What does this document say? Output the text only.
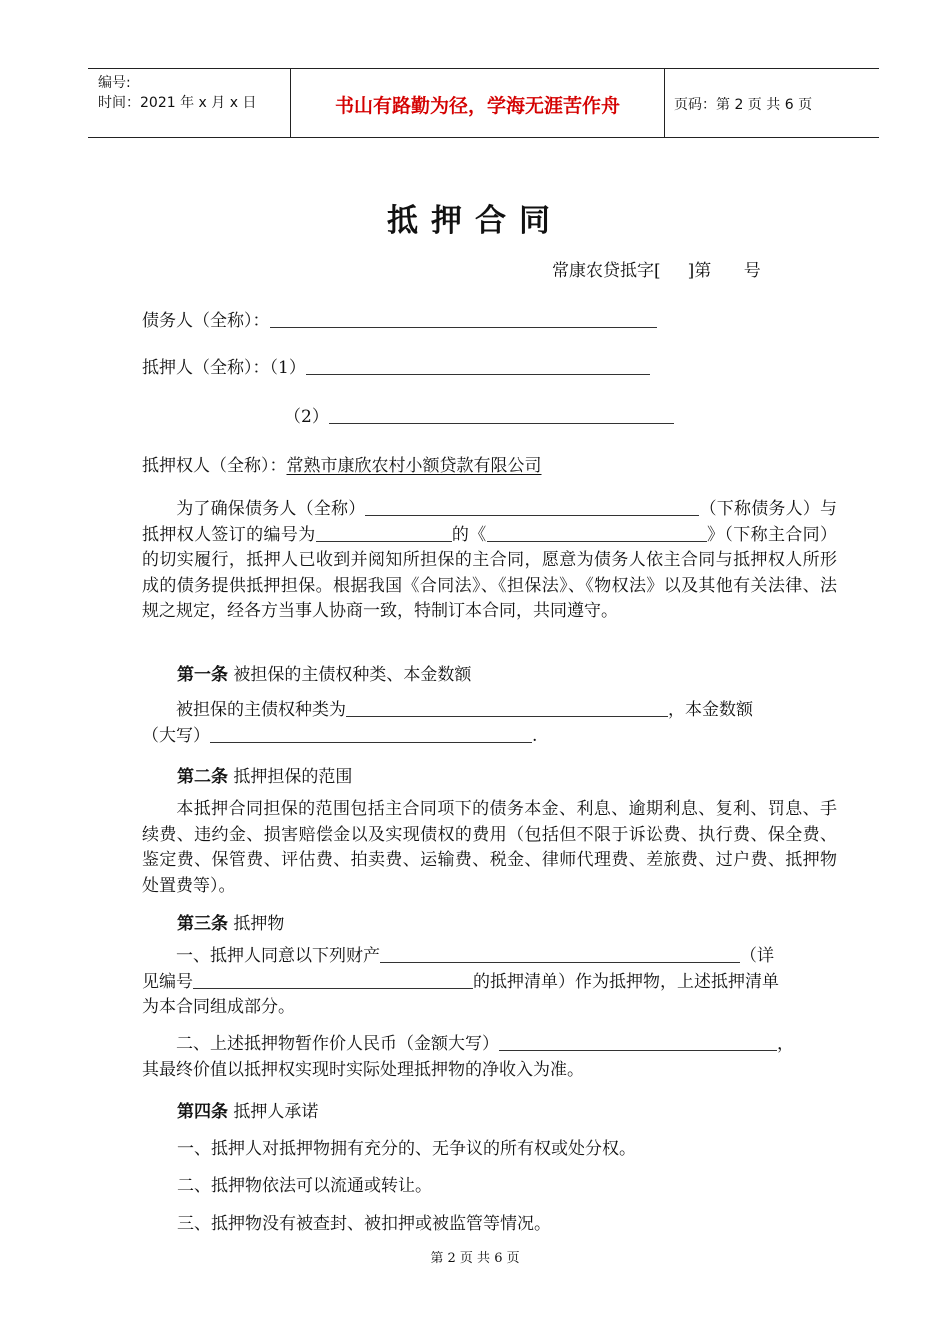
编号:
时间：2021 年 x 月 x 日	书山有路勤为径，学海无涯苦作舟	页码：第 2 页 共 6 页
抵押合同
常康农贷抵字[     ]第      号
债务人（全称）：
抵押人（全称）：（1）
（2）
抵押权人（全称）：常熟市康欣农村小额贷款有限公司
为了确保债务人（全称）	（下称债务人）与抵押权人签订的编号为	的《	》（下称主合同）的切实履行，抵押人已收到并阅知所担保的主合同，愿意为债务人依主合同与抵押权人所形成的债务提供抵押担保。根据我国《合同法》、《担保法》、《物权法》以及其他有关法律、法规之规定，经各方当事人协商一致，特制订本合同，共同遵守。
第一条 被担保的主债权种类、本金数额
被担保的主债权种类为	，本金数额
（大写）	.
第二条 抵押担保的范围
本抵押合同担保的范围包括主合同项下的债务本金、利息、逾期利息、复利、罚息、手续费、违约金、损害赔偿金以及实现债权的费用（包括但不限于诉讼费、执行费、保全费、鉴定费、保管费、评估费、拍卖费、运输费、税金、律师代理费、差旅费、过户费、抵押物处置费等）。
第三条 抵押物
一、抵押人同意以下列财产	（详
见编号	的抵押清单）作为抵押物，上述抵押清单
为本合同组成部分。
二、上述抵押物暂作价人民币（金额大写）	，
其最终价值以抵押权实现时实际处理抵押物的净收入为准。
第四条 抵押人承诺
一、抵押人对抵押物拥有充分的、无争议的所有权或处分权。
二、抵押物依法可以流通或转让。
三、抵押物没有被查封、被扣押或被监管等情况。
第 2 页 共 6 页
